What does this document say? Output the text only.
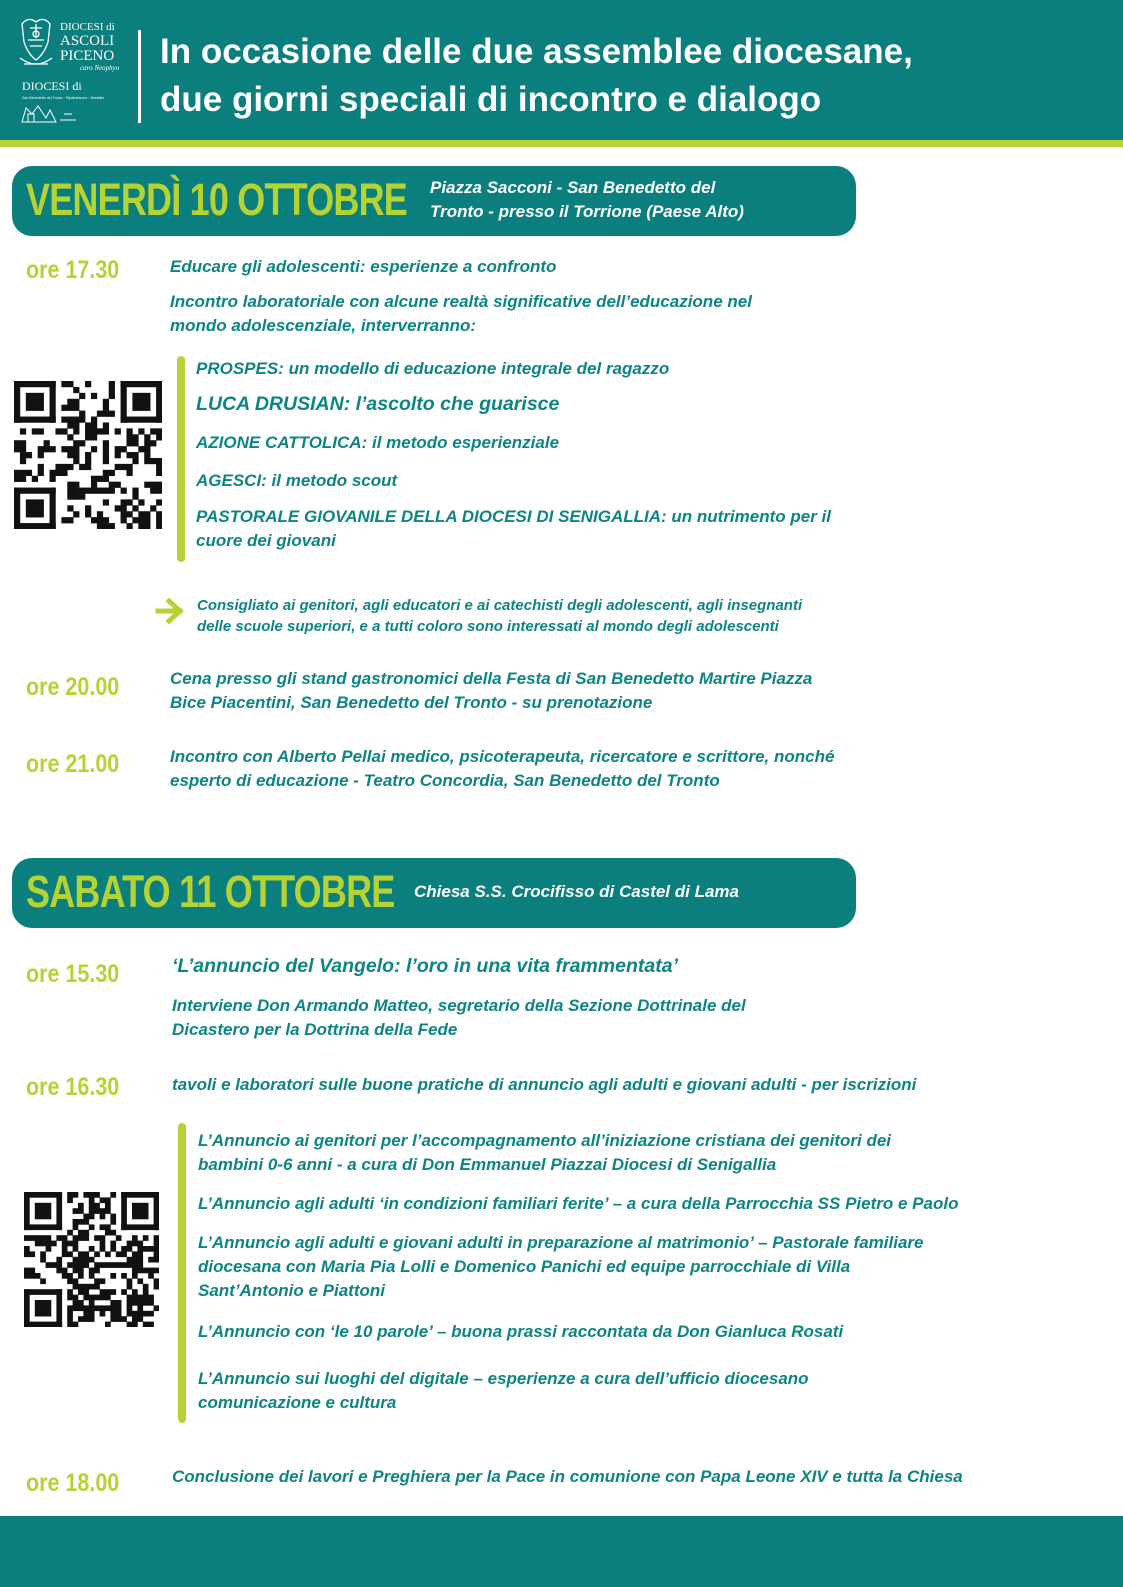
DIOCESI di
ASCOLI
PICENO
caro Neophyo
DIOCESI di
San Benedetto del Tronto · Ripatransone · Montalto
In occasione delle due assemblee diocesane,
due giorni speciali di incontro e dialogo
VENERDÌ 10 OTTOBRE Piazza Sacconi - San Benedetto del
Tronto - presso il Torrione (Paese Alto)
ore 17.30	Educare gli adolescenti: esperienze a confronto
Incontro laboratoriale con alcune realtà significative dell’educazione nel
mondo adolescenziale, interverranno:
PROSPES: un modello di educazione integrale del ragazzo
LUCA DRUSIAN: l’ascolto che guarisce
AZIONE CATTOLICA: il metodo esperienziale
AGESCI: il metodo scout
PASTORALE GIOVANILE DELLA DIOCESI DI SENIGALLIA: un nutrimento per il
cuore dei giovani
Consigliato ai genitori, agli educatori e ai catechisti degli adolescenti, agli insegnanti
delle scuole superiori, e a tutti coloro sono interessati al mondo degli adolescenti
ore 20.00	Cena presso gli stand gastronomici della Festa di San Benedetto Martire Piazza
Bice Piacentini, San Benedetto del Tronto - su prenotazione
ore 21.00	Incontro con Alberto Pellai medico, psicoterapeuta, ricercatore e scrittore, nonché
esperto di educazione - Teatro Concordia, San Benedetto del Tronto
SABATO 11 OTTOBRE Chiesa S.S. Crocifisso di Castel di Lama
ore 15.30	‘L’annuncio del Vangelo: l’oro in una vita frammentata’
Interviene Don Armando Matteo, segretario della Sezione Dottrinale del
Dicastero per la Dottrina della Fede
ore 16.30	tavoli e laboratori sulle buone pratiche di annuncio agli adulti e giovani adulti - per iscrizioni
L’Annuncio ai genitori per l’accompagnamento all’iniziazione cristiana dei genitori dei
bambini 0-6 anni - a cura di Don Emmanuel Piazzai Diocesi di Senigallia
L’Annuncio agli adulti ‘in condizioni familiari ferite’ – a cura della Parrocchia SS Pietro e Paolo
L’Annuncio agli adulti e giovani adulti in preparazione al matrimonio’ – Pastorale familiare
diocesana con Maria Pia Lolli e Domenico Panichi ed equipe parrocchiale di Villa
Sant’Antonio e Piattoni
L’Annuncio con ‘le 10 parole’ – buona prassi raccontata da Don Gianluca Rosati
L’Annuncio sui luoghi del digitale – esperienze a cura dell’ufficio diocesano
comunicazione e cultura
ore 18.00	Conclusione dei lavori e Preghiera per la Pace in comunione con Papa Leone XIV e tutta la Chiesa
